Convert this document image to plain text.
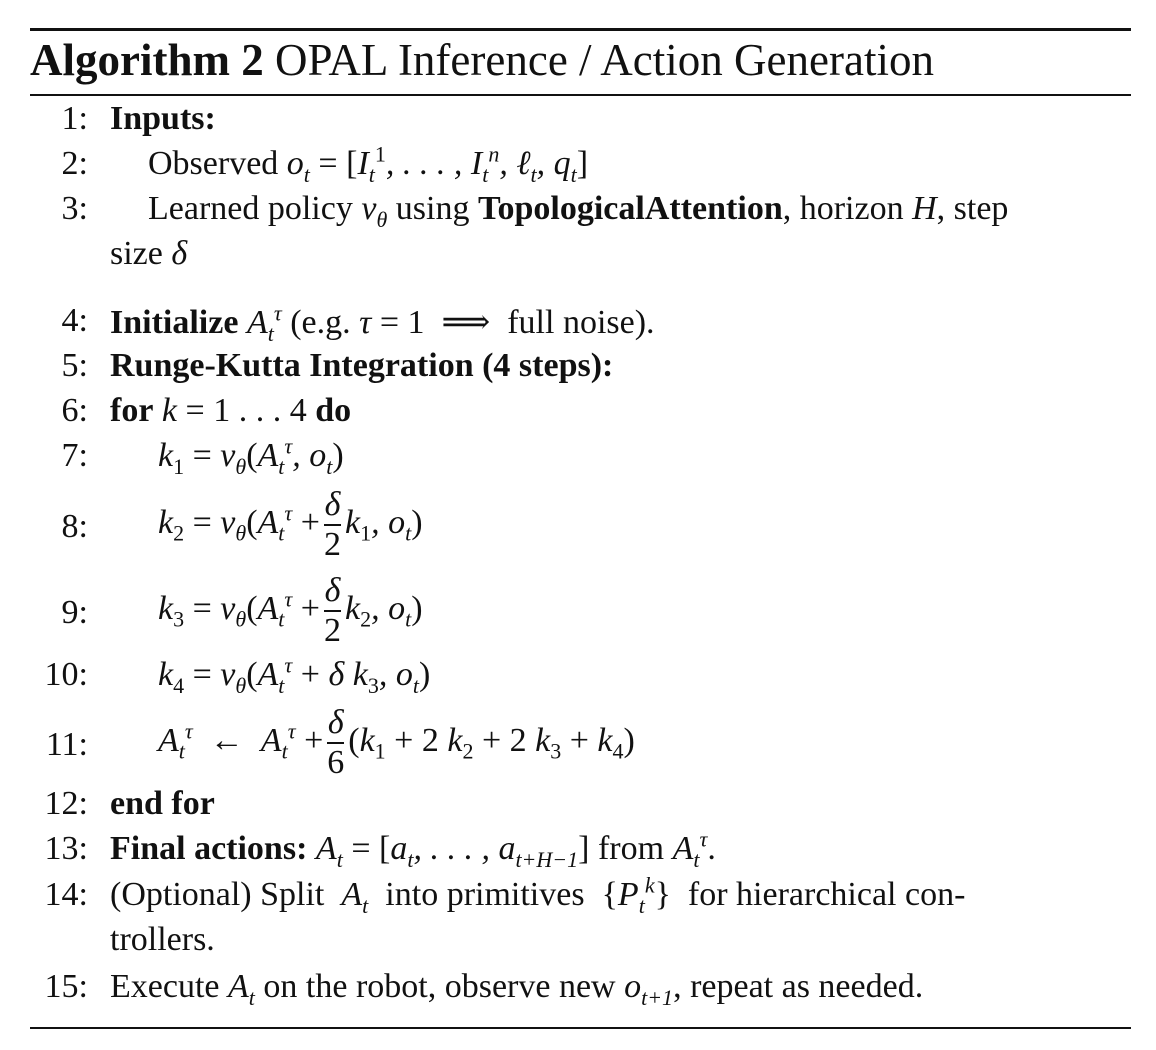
Algorithm 2 OPAL Inference / Action Generation
1: Inputs:
2: Observed $o_t = [I_t^1$, . . . , $I_t^n$, ℓ$_t$, $q_t$]
3: Learned policy $v_\theta$ using TopologicalAttention, horizon H, step
size δ
4: Initialize $A_t^\tau$ (e.g. τ = 1  ⟹  full noise).
5: Runge-Kutta Integration (4 steps):
6: for k = 1 . . . 4 do
7: $k_1 = v_\theta(A_t^\tau$, $o_t$)
8: $k_2 = v_\theta(A_t^\tau + \frac{\delta}{2} k_1$, $o_t$)
9: $k_3 = v_\theta(A_t^\tau + \frac{\delta}{2} k_2$, $o_t$)
10: $k_4 = v_\theta(A_t^\tau + \delta$ $k_3$, $o_t$)
11: $A_t^\tau$  ←  $A_t^\tau + \frac{\delta}{6} (k_1 + 2$ $k_2 + 2$ $k_3 + k_4$)
12: end for
13: Final actions: $A_t = [a_t$, . . . , $a_{t+H-1}$] from $A_t^\tau$.
14: (Optional) Split $A_t$ into primitives $\{P_t^k\}$ for hierarchical con-
trollers.
15: Execute $A_t$ on the robot, observe new $o_{t+1}$, repeat as needed.
